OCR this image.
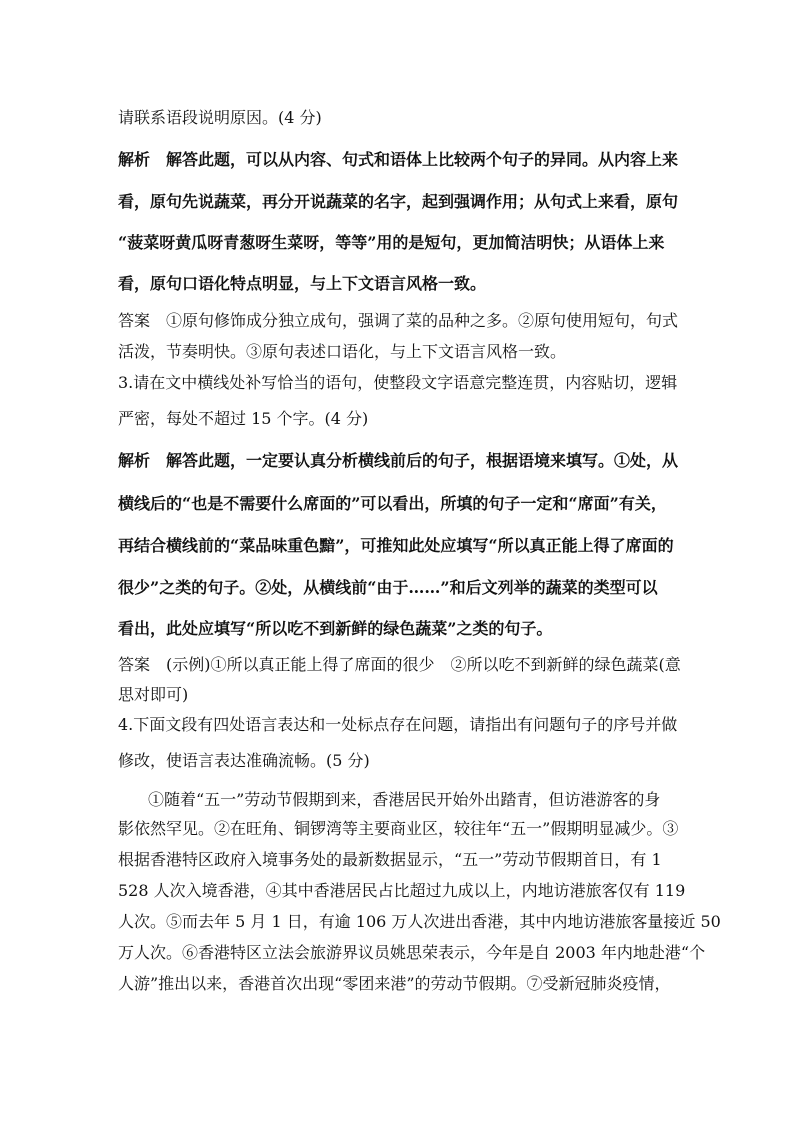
请联系语段说明原因。(4 分)
解析　解答此题，可以从内容、句式和语体上比较两个句子的异同。从内容上来
看，原句先说蔬菜，再分开说蔬菜的名字，起到强调作用；从句式上来看，原句
“菠菜呀黄瓜呀青葱呀生菜呀，等等”用的是短句，更加简洁明快；从语体上来
看，原句口语化特点明显，与上下文语言风格一致。
答案　①原句修饰成分独立成句，强调了菜的品种之多。②原句使用短句，句式
活泼，节奏明快。③原句表述口语化，与上下文语言风格一致。
3.请在文中横线处补写恰当的语句，使整段文字语意完整连贯，内容贴切，逻辑
严密，每处不超过 15 个字。(4 分)
解析　解答此题，一定要认真分析横线前后的句子，根据语境来填写。①处，从
横线后的“也是不需要什么席面的”可以看出，所填的句子一定和“席面”有关，
再结合横线前的“菜品味重色黯”，可推知此处应填写“所以真正能上得了席面的
很少”之类的句子。②处，从横线前“由于……”和后文列举的蔬菜的类型可以
看出，此处应填写“所以吃不到新鲜的绿色蔬菜”之类的句子。
答案　(示例)①所以真正能上得了席面的很少　②所以吃不到新鲜的绿色蔬菜(意
思对即可)
4.下面文段有四处语言表达和一处标点存在问题，请指出有问题句子的序号并做
修改，使语言表达准确流畅。(5 分)
①随着“五一”劳动节假期到来，香港居民开始外出踏青，但访港游客的身
影依然罕见。②在旺角、铜锣湾等主要商业区，较往年“五一”假期明显减少。③
根据香港特区政府入境事务处的最新数据显示，“五一”劳动节假期首日，有 1
528 人次入境香港，④其中香港居民占比超过九成以上，内地访港旅客仅有 119
人次。⑤而去年 5 月 1 日，有逾 106 万人次进出香港，其中内地访港旅客量接近 50
万人次。⑥香港特区立法会旅游界议员姚思荣表示，今年是自 2003 年内地赴港“个
人游”推出以来，香港首次出现“零团来港”的劳动节假期。⑦受新冠肺炎疫情，
